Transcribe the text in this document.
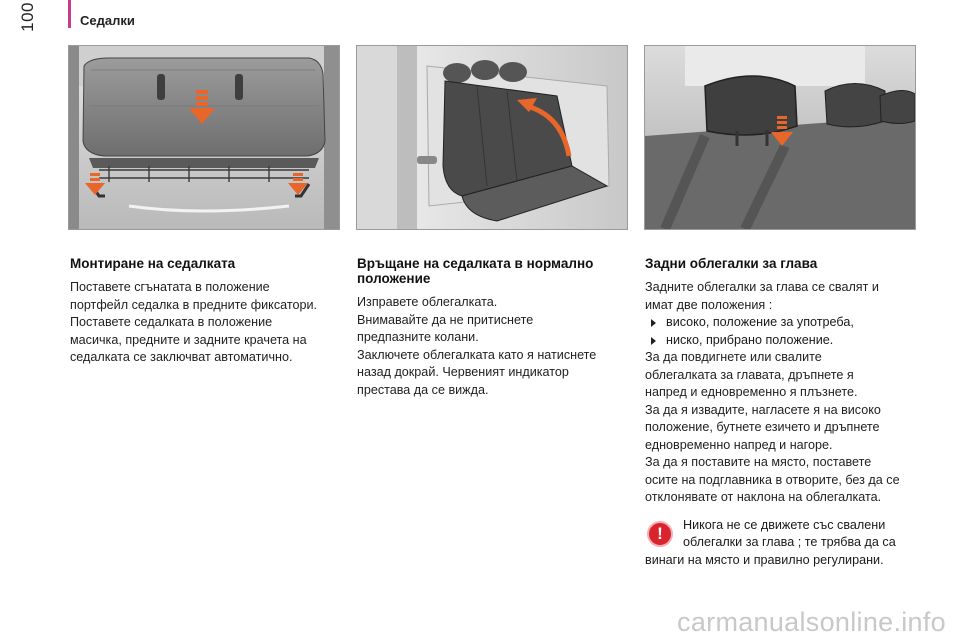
100	Седалки
Монтиране на седалката

Поставете сгънатата в положение
портфейл седалка в предните фиксатори.
Поставете седалката в положение
масичка, предните и задните крачета на
седалката се заключват автоматично.

Връщане на седалката в нормално
положение

Изправете облегалката.
Внимавайте да не притиснете
предпазните колани.
Заключете облегалката като я натиснете
назад докрай. Червеният индикатор
престава да се вижда.

Задни облегалки за глава

Задните облегалки за глава се свалят и
имат две положения :

високо, положение за употреба,
ниско, прибрано положение.

За да повдигнете или свалите
облегалката за главата, дръпнете я
напред и едновременно я плъзнете.
За да я извадите, нагласете я на високо
положение, бутнете езичето и дръпнете
едновременно напред и нагоре.
За да я поставите на място, поставете
осите на подглавника в отворите, без да се
отклонявате от наклона на облегалката.

!	Никога не се движете със свалени
облегалки за глава ; те трябва да са
винаги на място и правилно регулирани.
carmanualsonline.info
